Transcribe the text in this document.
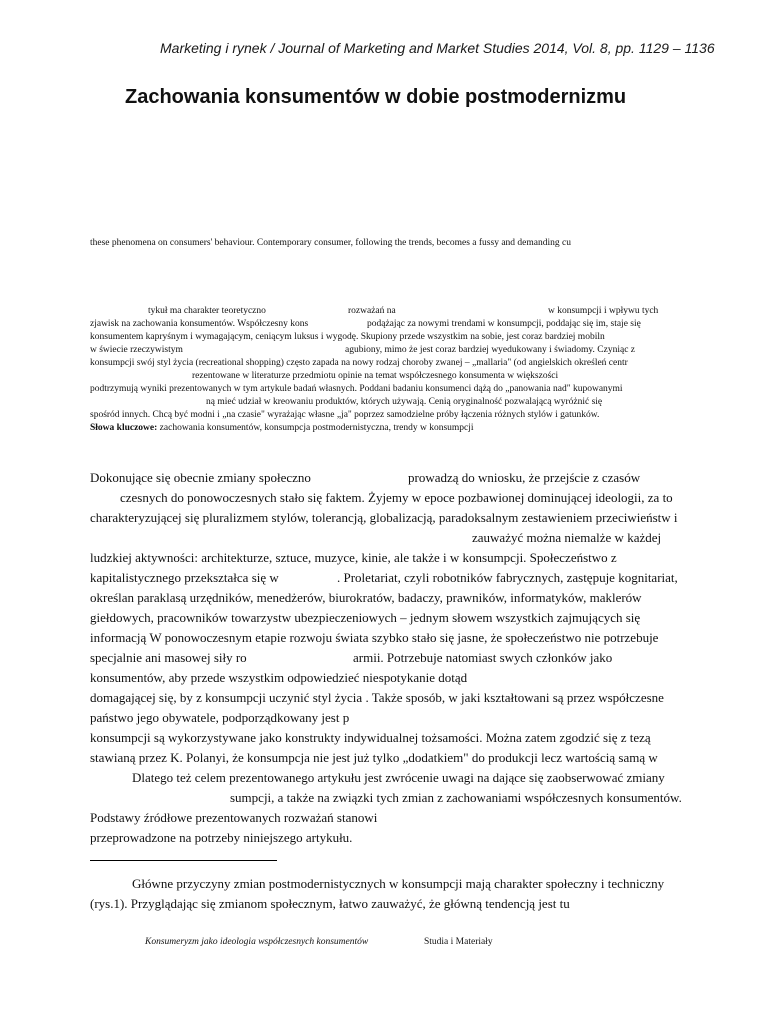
Marketing i rynek / Journal of Marketing and Market Studies 2014, Vol. 8, pp. 1129 – 1136
Zachowania konsumentów w dobie postmodernizmu
these phenomena on consumers' behaviour. Contemporary consumer, following the trends, becomes a fussy and demanding cu
tykuł ma charakter teoretyczno	rozważań na	w konsumpcji i wpływu tych
zjawisk na zachowania konsumentów. Współczesny kons	podążając za nowymi trendami w konsumpcji, poddając się im, staje się
konsumentem kapryśnym i wymagającym, ceniącym luksus i wygodę. Skupiony przede wszystkim na sobie, jest coraz bardziej mobiln
w świecie rzeczywistym	agubiony, mimo że jest coraz bardziej wyedukowany i świadomy. Czyniąc z
konsumpcji swój styl życia (recreational shopping) często zapada na nowy rodzaj choroby zwanej – „mallaria" (od angielskich określeń centr
rezentowane w literaturze przedmiotu opinie na temat współczesnego konsumenta w większości
podtrzymują wyniki prezentowanych w tym artykule badań własnych. Poddani badaniu konsumenci dążą do „panowania nad" kupowanymi
ną mieć udział w kreowaniu produktów, których używają. Cenią oryginalność pozwalającą wyróżnić się
spośród innych. Chcą być modni i „na czasie" wyrażając własne „ja" poprzez samodzielne próby łączenia różnych stylów i gatunków.
Słowa kluczowe: zachowania konsumentów, konsumpcja postmodernistyczna, trendy w konsumpcji
Dokonujące się obecnie zmiany społeczno	prowadzą do wniosku, że przejście z czasów
czesnych do ponowoczesnych stało się faktem. Żyjemy w epoce pozbawionej dominującej ideologii, za to
charakteryzującej się pluralizmem stylów, tolerancją, globalizacją, paradoksalnym zestawieniem przeciwieństw i
zauważyć można niemalże w każdej
ludzkiej aktywności: architekturze, sztuce, muzyce, kinie, ale także i w konsumpcji. Społeczeństwo z
kapitalistycznego przekształca się w	. Proletariat, czyli robotników fabrycznych, zastępuje kognitariat,
określan paraklasą urzędników, menedżerów, biurokratów, badaczy, prawników, informatyków, maklerów
giełdowych, pracowników towarzystw ubezpieczeniowych – jednym słowem wszystkich zajmujących się
informacją W ponowoczesnym etapie rozwoju świata szybko stało się jasne, że społeczeństwo nie potrzebuje
specjalnie ani masowej siły ro	armii. Potrzebuje natomiast swych członków jako
konsumentów, aby przede wszystkim odpowiedzieć niespotykanie dotąd
domagającej się, by z konsumpcji uczynić styl życia . Także sposób, w jaki kształtowani są przez współczesne
państwo jego obywatele, podporządkowany jest p
konsumpcji są wykorzystywane jako konstrukty indywidualnej tożsamości. Można zatem zgodzić się z tezą
stawianą przez K. Polanyi, że konsumpcja nie jest już tylko „dodatkiem" do produkcji lecz wartością samą w
Dlatego też celem prezentowanego artykułu jest zwrócenie uwagi na dające się zaobserwować zmiany
sumpcji, a także na związki tych zmian z zachowaniami współczesnych konsumentów.
Podstawy źródłowe prezentowanych rozważań stanowi
przeprowadzone na potrzeby niniejszego artykułu.
Główne przyczyny zmian postmodernistycznych w konsumpcji mają charakter społeczny i techniczny
(rys.1). Przyglądając się zmianom społecznym, łatwo zauważyć, że główną tendencją jest tu
Konsumeryzm jako ideologia współczesnych konsumentów	Studia i Materiały
